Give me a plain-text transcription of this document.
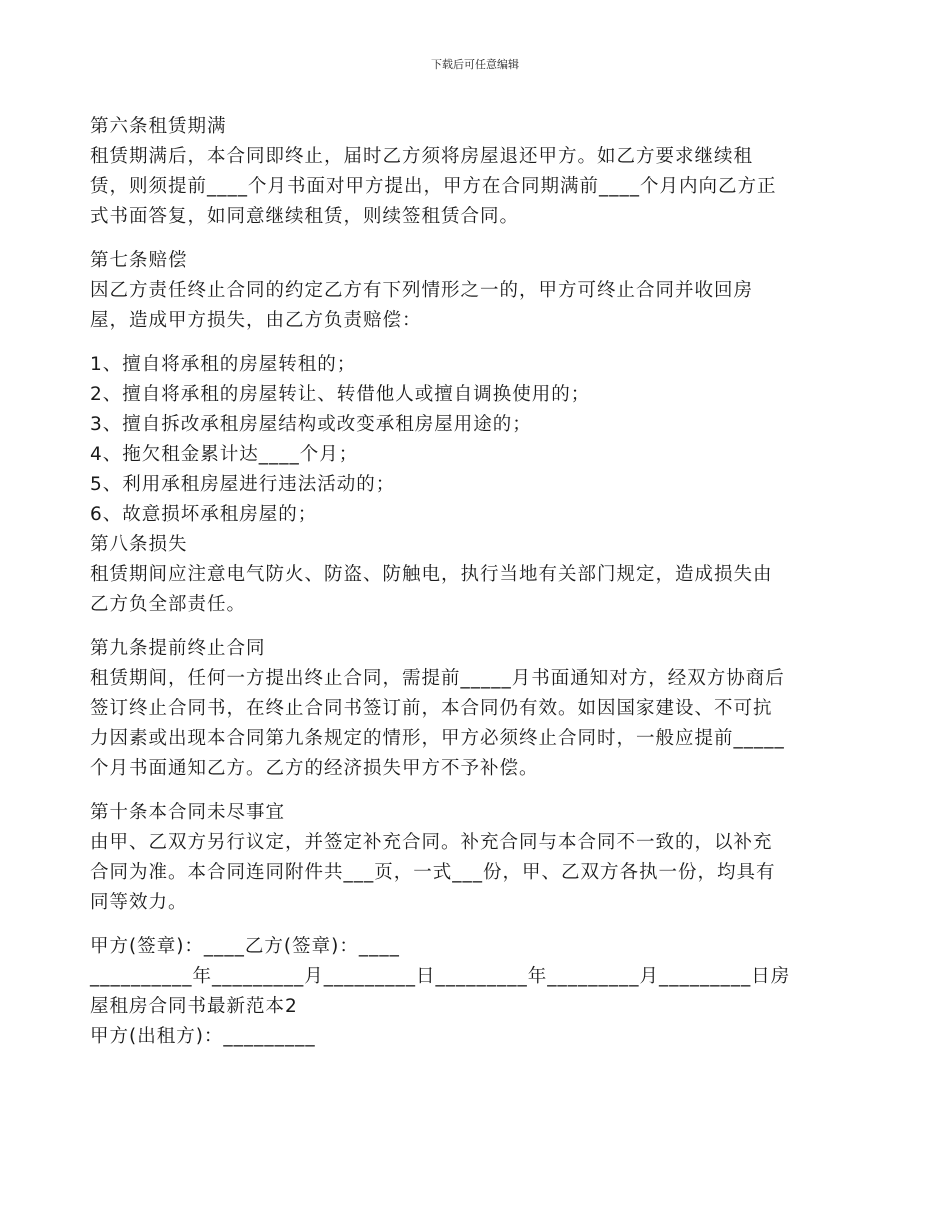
下载后可任意编辑
第六条租赁期满
租赁期满后，本合同即终止，届时乙方须将房屋退还甲方。如乙方要求继续租
赁，则须提前____个月书面对甲方提出，甲方在合同期满前____个月内向乙方正
式书面答复，如同意继续租赁，则续签租赁合同。
第七条赔偿
因乙方责任终止合同的约定乙方有下列情形之一的，甲方可终止合同并收回房
屋，造成甲方损失，由乙方负责赔偿：
1、擅自将承租的房屋转租的；
2、擅自将承租的房屋转让、转借他人或擅自调换使用的；
3、擅自拆改承租房屋结构或改变承租房屋用途的；
4、拖欠租金累计达____个月；
5、利用承租房屋进行违法活动的；
6、故意损坏承租房屋的；
第八条损失
租赁期间应注意电气防火、防盗、防触电，执行当地有关部门规定，造成损失由
乙方负全部责任。
第九条提前终止合同
租赁期间，任何一方提出终止合同，需提前_____月书面通知对方，经双方协商后
签订终止合同书，在终止合同书签订前，本合同仍有效。如因国家建设、不可抗
力因素或出现本合同第九条规定的情形，甲方必须终止合同时，一般应提前_____
个月书面通知乙方。乙方的经济损失甲方不予补偿。
第十条本合同未尽事宜
由甲、乙双方另行议定，并签定补充合同。补充合同与本合同不一致的，以补充
合同为准。本合同连同附件共___页，一式___份，甲、乙双方各执一份，均具有
同等效力。
甲方(签章)：____乙方(签章)：____
__________年_________月_________日_________年_________月_________日房
屋租房合同书最新范本2
甲方(出租方)：_________
